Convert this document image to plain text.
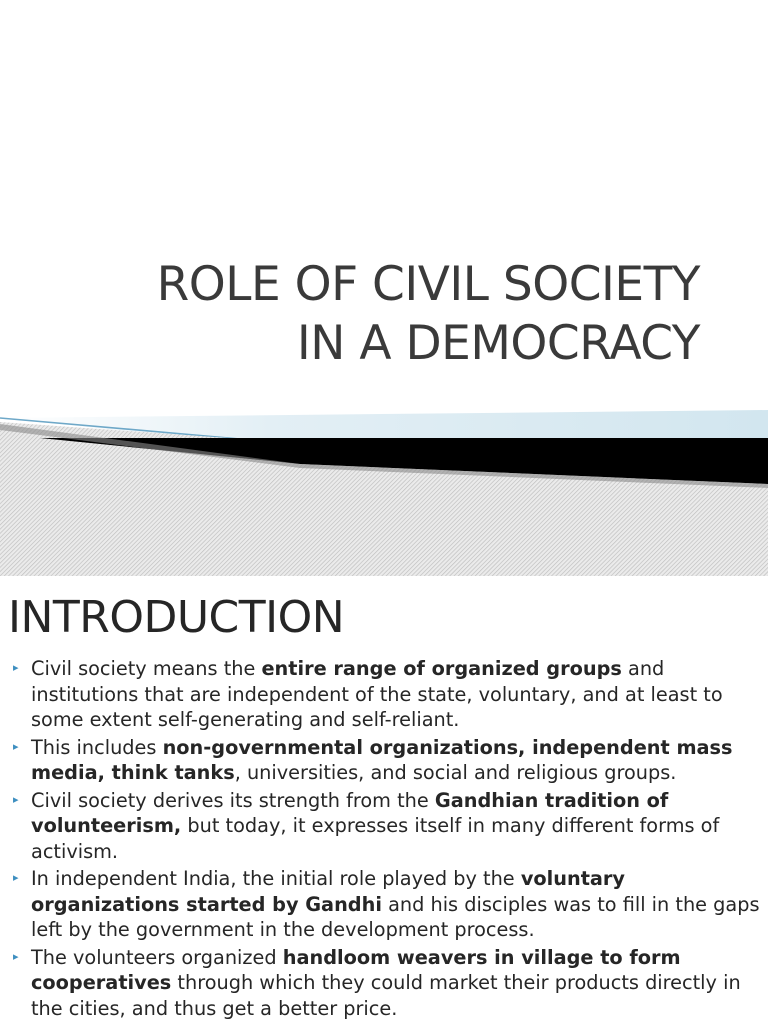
ROLE OF CIVIL SOCIETY
IN A DEMOCRACY
INTRODUCTION
▸ Civil society means the entire range of organized groups and institutions that are independent of the state, voluntary, and at least to some extent self-generating and self-reliant.
▸ This includes non-governmental organizations, independent mass media, think tanks, universities, and social and religious groups.
▸ Civil society derives its strength from the Gandhian tradition of volunteerism, but today, it expresses itself in many different forms of activism.
▸ In independent India, the initial role played by the voluntary organizations started by Gandhi and his disciples was to fill in the gaps left by the government in the development process.
▸ The volunteers organized handloom weavers in village to form cooperatives through which they could market their products directly in the cities, and thus get a better price.
